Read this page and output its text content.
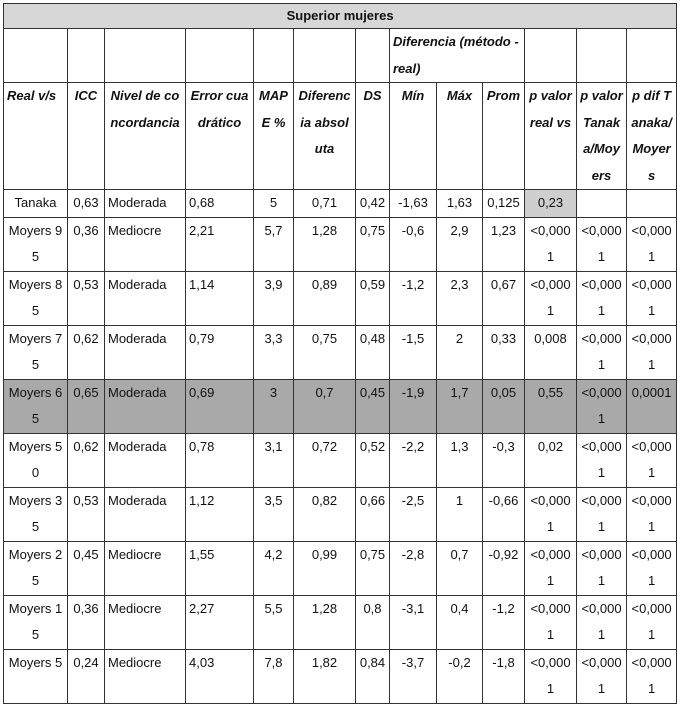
Superior mujeres												
							Diferencia (método - real)					
Real v/s	ICC	Nivel de concordancia	Error cuadrático	MAPE %	Diferencia absoluta	DS	Mín	Máx	Prom	p valor real vs	p valor Tanaka/Moyers	p dif Tanaka/Moyers
Tanaka	0,63	Moderada	0,68	5	0,71	0,42	-1,63	1,63	0,125	0,23		
Moyers 95	0,36	Mediocre	2,21	5,7	1,28	0,75	-0,6	2,9	1,23	<0,0001	<0,0001	<0,0001
Moyers 85	0,53	Moderada	1,14	3,9	0,89	0,59	-1,2	2,3	0,67	<0,0001	<0,0001	<0,0001
Moyers 75	0,62	Moderada	0,79	3,3	0,75	0,48	-1,5	2	0,33	0,008	<0,0001	<0,0001
Moyers 65	0,65	Moderada	0,69	3	0,7	0,45	-1,9	1,7	0,05	0,55	<0,0001	0,0001
Moyers 50	0,62	Moderada	0,78	3,1	0,72	0,52	-2,2	1,3	-0,3	0,02	<0,0001	<0,0001
Moyers 35	0,53	Moderada	1,12	3,5	0,82	0,66	-2,5	1	-0,66	<0,0001	<0,0001	<0,0001
Moyers 25	0,45	Mediocre	1,55	4,2	0,99	0,75	-2,8	0,7	-0,92	<0,0001	<0,0001	<0,0001
Moyers 15	0,36	Mediocre	2,27	5,5	1,28	0,8	-3,1	0,4	-1,2	<0,0001	<0,0001	<0,0001
Moyers 5	0,24	Mediocre	4,03	7,8	1,82	0,84	-3,7	-0,2	-1,8	<0,0001	<0,0001	<0,0001
